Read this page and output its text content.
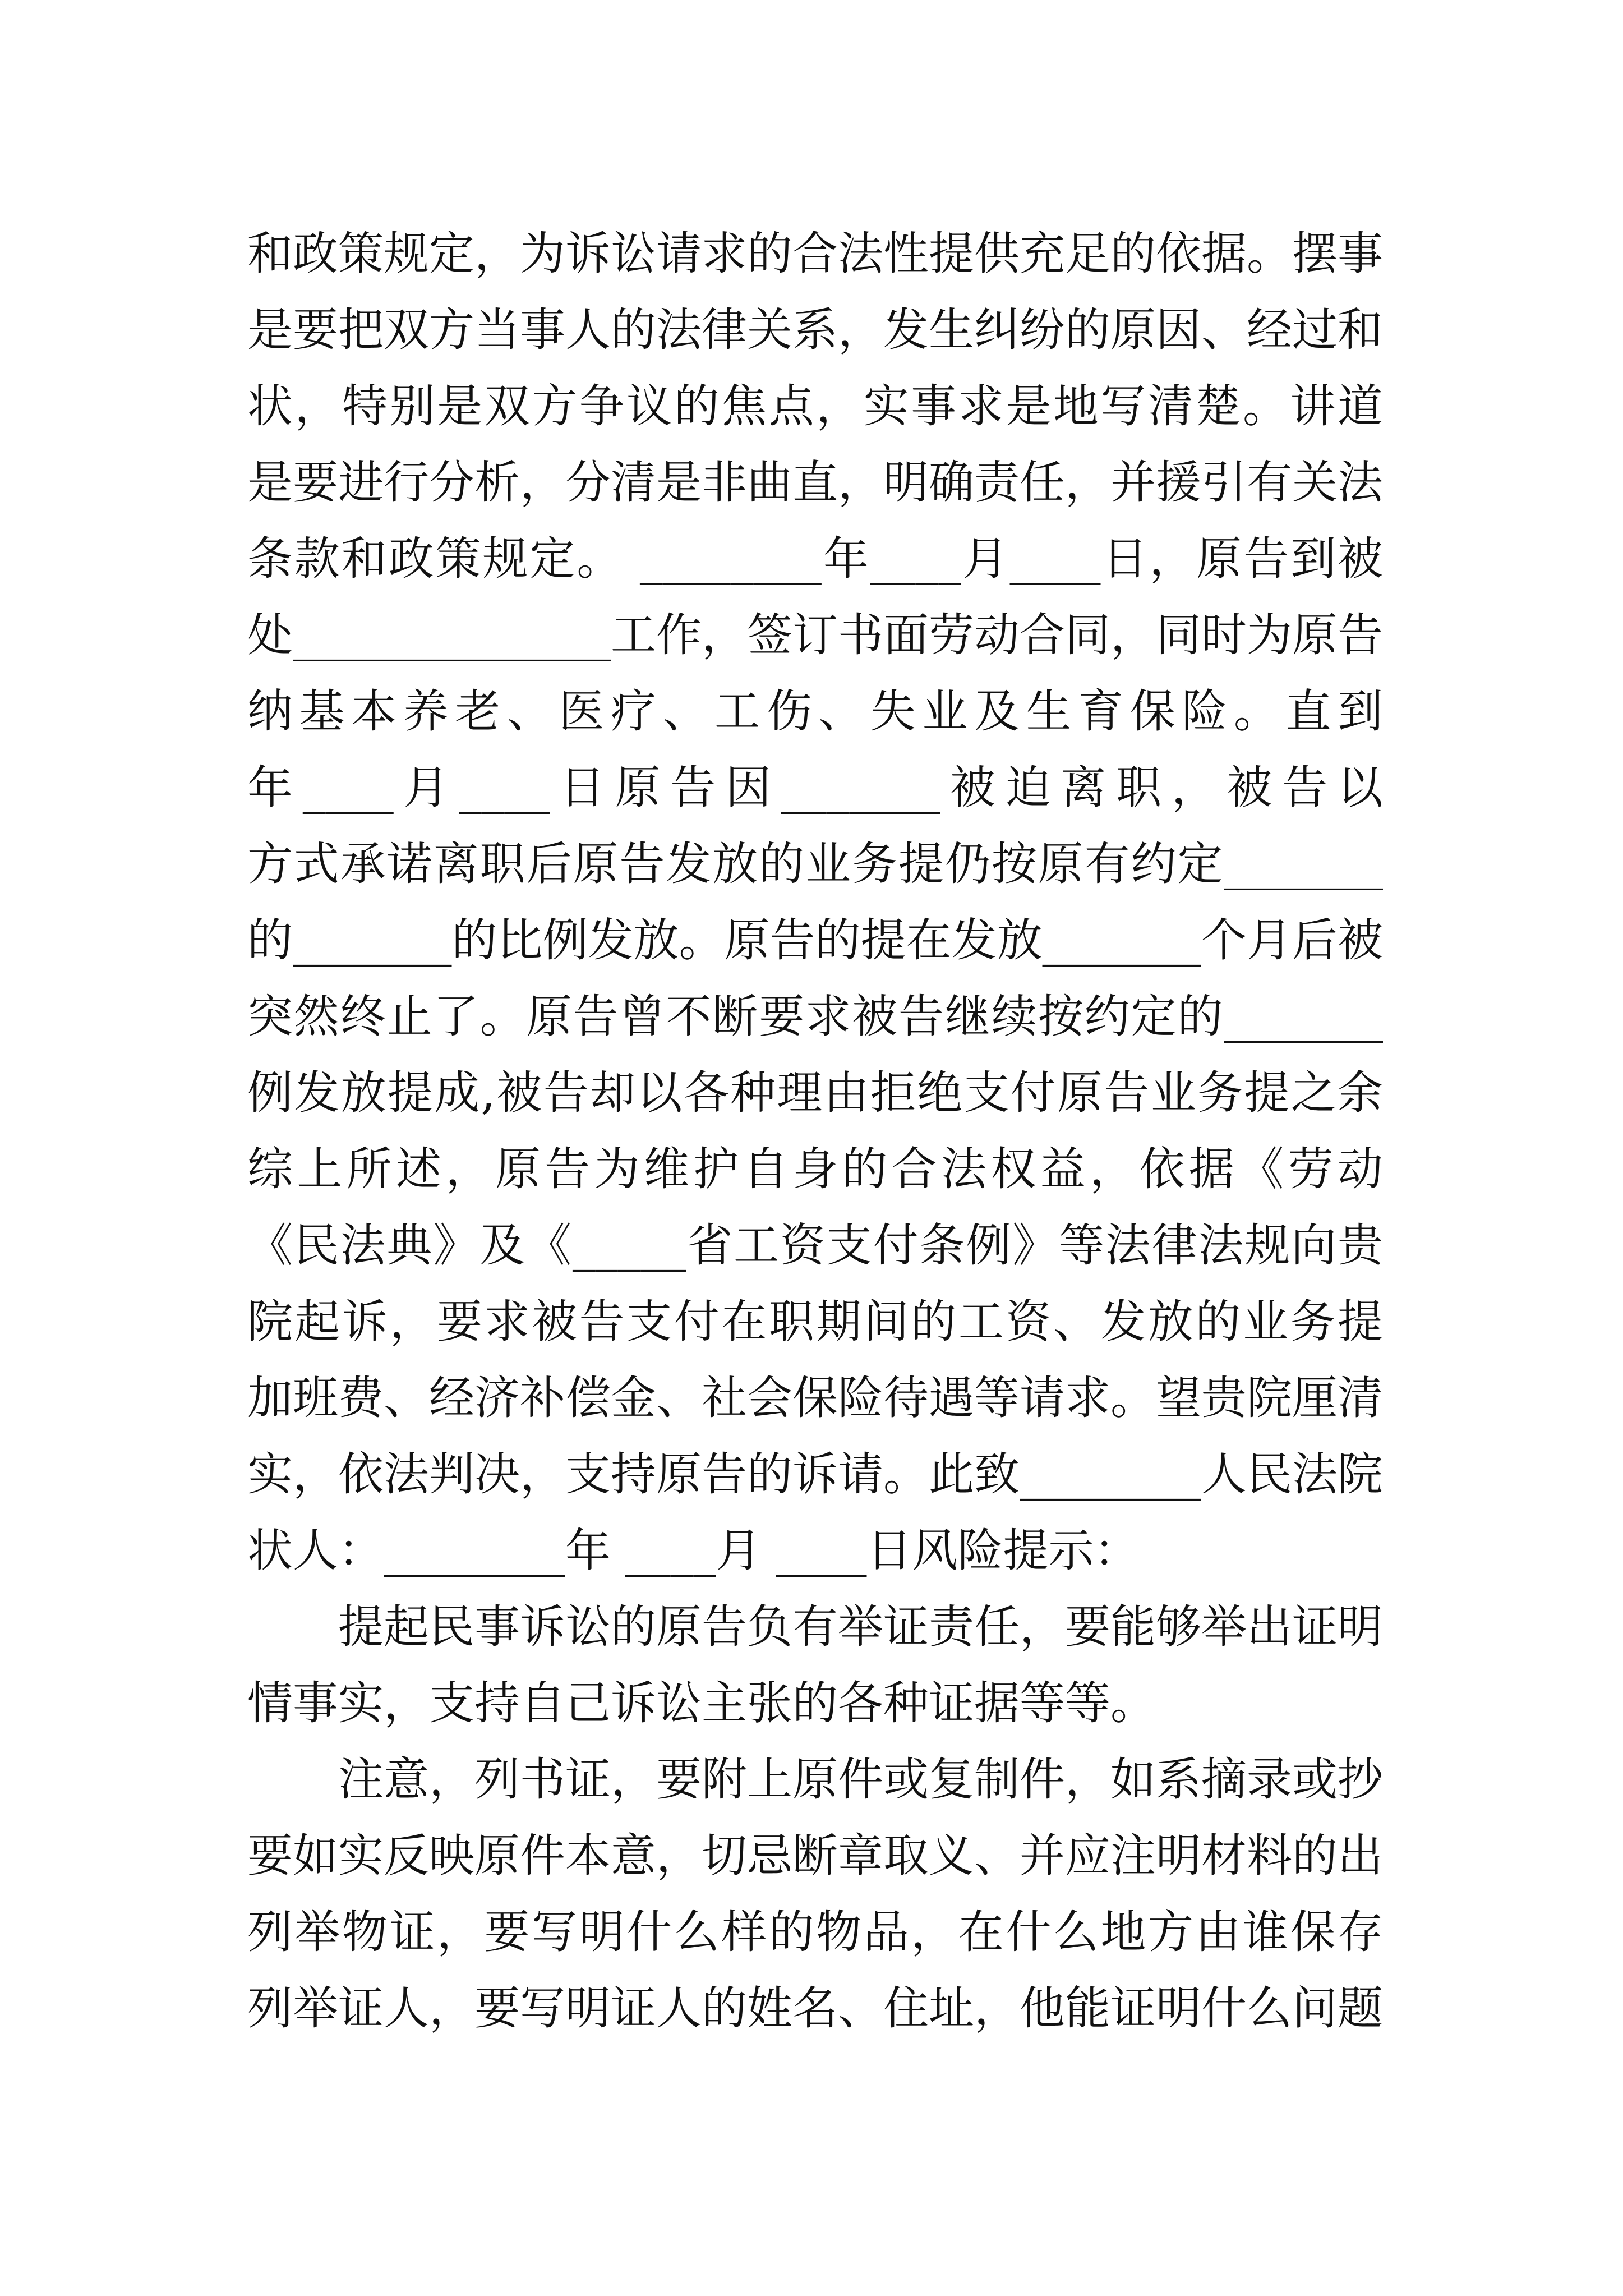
和政策规定，为诉讼请求的合法性提供充足的依据。摆事
是要把双方当事人的法律关系，发生纠纷的原因、经过和
状，特别是双方争议的焦点，实事求是地写清楚。讲道
是要进行分析，分清是非曲直，明确责任，并援引有关法
条款和政策规定。 ________年____月____日，原告到被
处______________工作，签订书面劳动合同，同时为原告
纳基本养老、医疗、工伤、失业及生育保险。直到
年____月____日原告因_______被迫离职，被告以
方式承诺离职后原告发放的业务提仍按原有约定_______
的_______的比例发放。原告的提在发放_______个月后被
突然终止了。原告曾不断要求被告继续按约定的_______
例发放提成,被告却以各种理由拒绝支付原告业务提之余
综上所述，原告为维护自身的合法权益，依据《劳动
《民法典》及《_____省工资支付条例》等法律法规向贵
院起诉，要求被告支付在职期间的工资、发放的业务提
加班费、经济补偿金、社会保险待遇等请求。望贵院厘清
实，依法判决，支持原告的诉请。此致________人民法院
状人：________年 ____月 ____日风险提示：
提起民事诉讼的原告负有举证责任，要能够举出证明
情事实，支持自己诉讼主张的各种证据等等。
注意，列书证，要附上原件或复制件，如系摘录或抄
要如实反映原件本意，切忌断章取义、并应注明材料的出
列举物证，要写明什么样的物品，在什么地方由谁保存
列举证人，要写明证人的姓名、住址，他能证明什么问题
